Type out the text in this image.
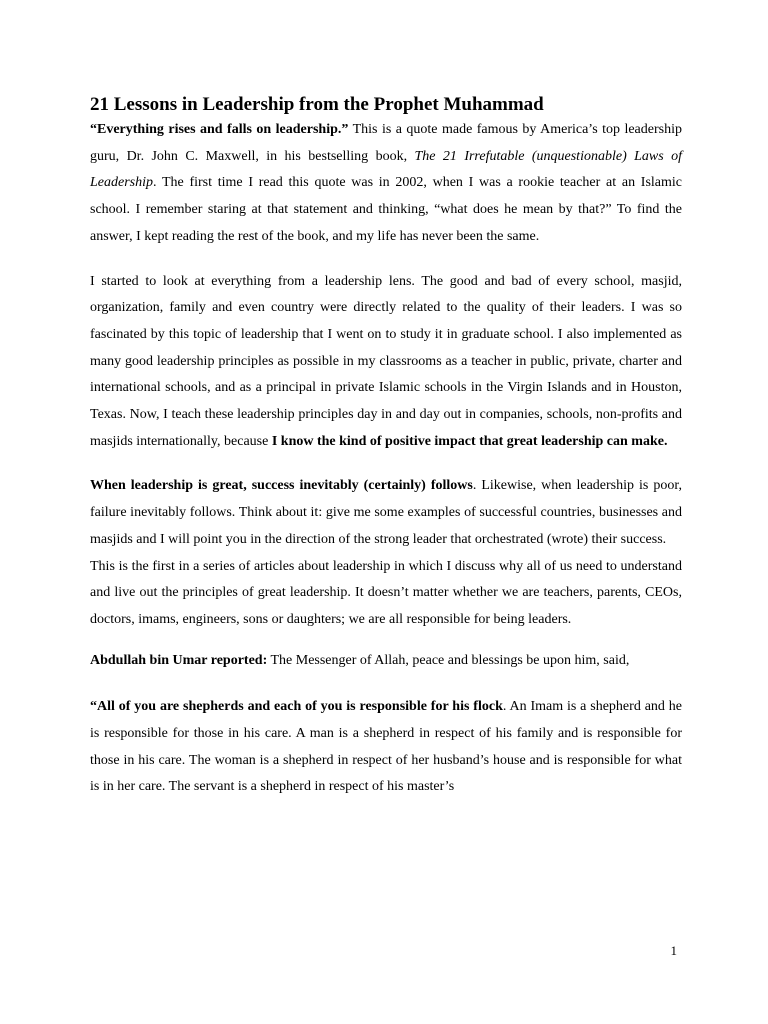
21 Lessons in Leadership from the Prophet Muhammad

“Everything rises and falls on leadership.” This is a quote made famous by America’s top leadership guru, Dr. John C. Maxwell, in his bestselling book, The 21 Irrefutable (unquestionable) Laws of Leadership. The first time I read this quote was in 2002, when I was a rookie teacher at an Islamic school. I remember staring at that statement and thinking, “what does he mean by that?” To find the answer, I kept reading the rest of the book, and my life has never been the same.

I started to look at everything from a leadership lens. The good and bad of every school, masjid, organization, family and even country were directly related to the quality of their leaders. I was so fascinated by this topic of leadership that I went on to study it in graduate school. I also implemented as many good leadership principles as possible in my classrooms as a teacher in public, private, charter and international schools, and as a principal in private Islamic schools in the Virgin Islands and in Houston, Texas. Now, I teach these leadership principles day in and day out in companies, schools, non-profits and masjids internationally, because I know the kind of positive impact that great leadership can make.

When leadership is great, success inevitably (certainly) follows. Likewise, when leadership is poor, failure inevitably follows. Think about it: give me some examples of successful countries, businesses and masjids and I will point you in the direction of the strong leader that orchestrated (wrote) their success.

This is the first in a series of articles about leadership in which I discuss why all of us need to understand and live out the principles of great leadership. It doesn’t matter whether we are teachers, parents, CEOs, doctors, imams, engineers, sons or daughters; we are all responsible for being leaders.

Abdullah bin Umar reported: The Messenger of Allah, peace and blessings be upon him, said,

“All of you are shepherds and each of you is responsible for his flock. An Imam is a shepherd and he is responsible for those in his care. A man is a shepherd in respect of his family and is responsible for those in his care. The woman is a shepherd in respect of her husband’s house and is responsible for what is in her care. The servant is a shepherd in respect of his master’s

1
